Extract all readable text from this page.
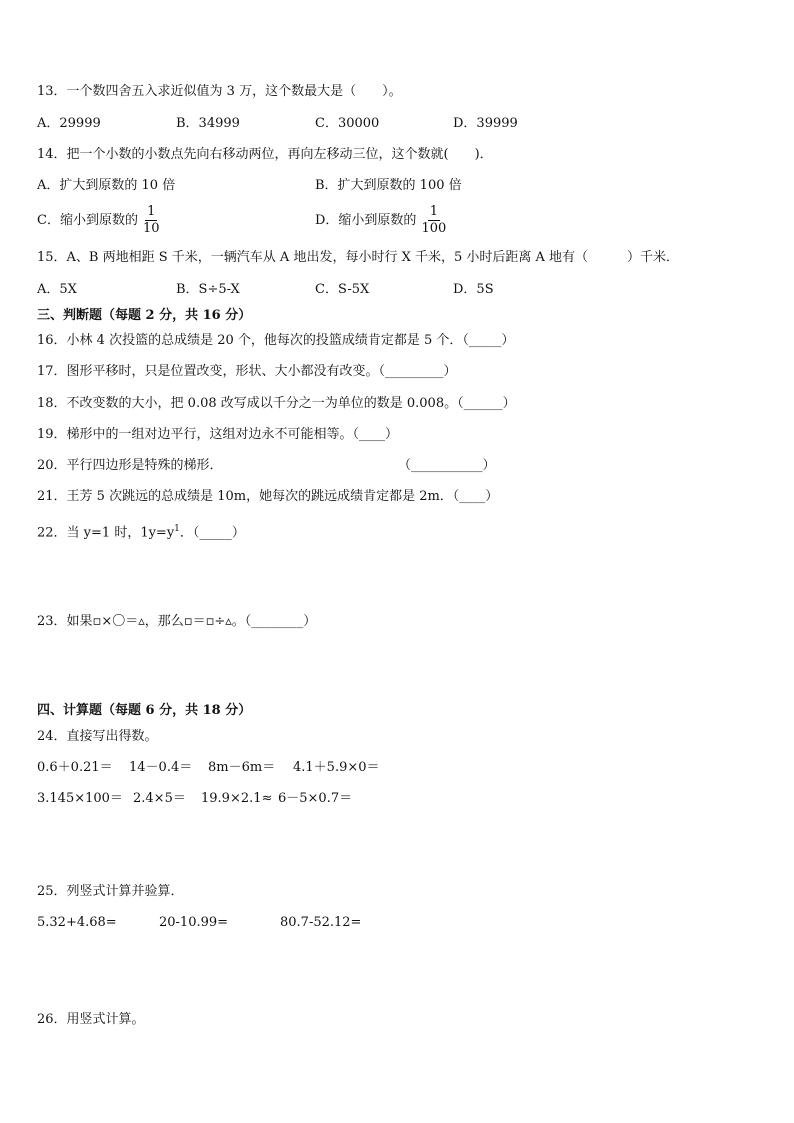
13．一个数四舍五入求近似值为 3 万，这个数最大是（　　）。
A．29999	B．34999	C．30000	D．39999
14．把一个小数的小数点先向右移动两位，再向左移动三位，这个数就(　　)．
A．扩大到原数的 10 倍	B．扩大到原数的 100 倍
C．缩小到原数的 $\frac{1}{10}$	D．缩小到原数的 $\frac{1}{100}$
15．A、B 两地相距 S 千米，一辆汽车从 A 地出发，每小时行 X 千米，5 小时后距离 A 地有（　　　）千米．
A．5X	B．S÷5-X	C．S-5X	D．5S
三、判断题（每题 2 分，共 16 分）
16．小林 4 次投篮的总成绩是 20 个，他每次的投篮成绩肯定都是 5 个．（_____）
17．图形平移时，只是位置改变，形状、大小都没有改变。（_________）
18．不改变数的大小，把 0.08 改写成以千分之一为单位的数是 0.008。（______）
19．梯形中的一组对边平行，这组对边永不可能相等。（____）
20．平行四边形是特殊的梯形．	（___________）
21．王芳 5 次跳远的总成绩是 10m，她每次的跳远成绩肯定都是 2m．（____）
22．当 y=1 时，$1y=y^1$．（_____）
23．如果▫×〇＝▵，那么▫＝▫÷▵。（________）
四、计算题（每题 6 分，共 18 分）
24．直接写出得数。
0.6＋0.21＝ 14－0.4＝ 8m－6m＝ 4.1＋5.9×0＝
3.145×100＝ 2.4×5＝ 19.9×2.1≈ 6－5×0.7＝
25．列竖式计算并验算．
5.32+4.68=	20-10.99=	80.7-52.12=
26．用竖式计算。
